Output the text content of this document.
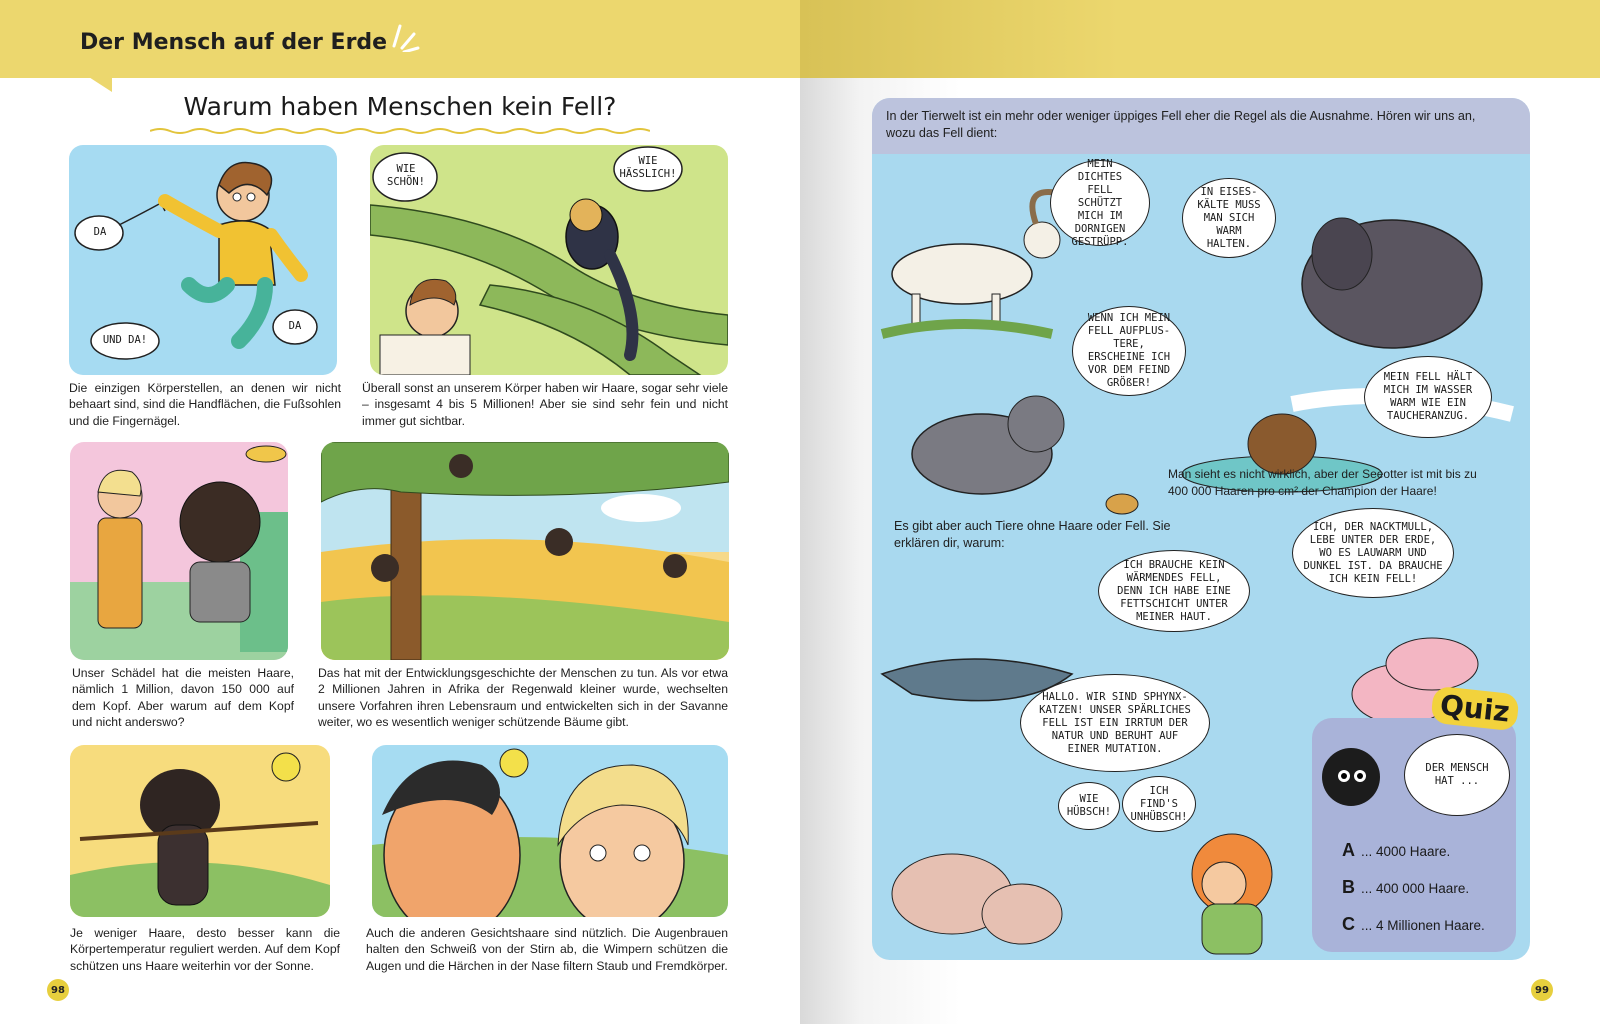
Der Mensch auf der Erde
Warum haben Menschen kein Fell?
DA
UND DA!
DA
Die einzigen Körperstellen, an denen wir nicht behaart sind, sind die Handflächen, die Fußsohlen und die Fingernägel.
WIE SCHÖN!
WIE HÄSSLICH!
Überall sonst an unserem Körper haben wir Haare, sogar sehr viele – insgesamt 4 bis 5 Millionen! Aber sie sind sehr fein und nicht immer gut sichtbar.
Unser Schädel hat die meisten Haare, nämlich 1 Million, davon 150 000 auf dem Kopf. Aber warum auf dem Kopf und nicht anderswo?
Das hat mit der Entwicklungsgeschichte der Menschen zu tun. Als vor etwa 2 Millionen Jahren in Afrika der Regenwald kleiner wurde, wechselten unsere Vorfahren ihren Lebensraum und entwickelten sich in der Savanne weiter, wo es wesentlich weniger schützende Bäume gibt.
Je weniger Haare, desto besser kann die Körpertemperatur reguliert werden. Auf dem Kopf schützen uns Haare weiterhin vor der Sonne.
Auch die anderen Gesichtshaare sind nützlich. Die Augenbrauen halten den Schweiß von der Stirn ab, die Wimpern schützen die Augen und die Härchen in der Nase filtern Staub und Fremdkörper.
98
In der Tierwelt ist ein mehr oder weniger üppiges Fell eher die Regel als die Ausnahme. Hören wir uns an, wozu das Fell dient:
MEIN DICHTES FELL SCHÜTZT MICH IM DORNIGEN GESTRÜPP.
IN EISES-KÄLTE MUSS MAN SICH WARM HALTEN.
WENN ICH MEIN FELL AUFPLUS-TERE, ERSCHEINE ICH VOR DEM FEIND GRÖßER!	MEIN FELL HÄLT MICH IM WASSER WARM WIE EIN TAUCHERANZUG.
Man sieht es nicht wirklich, aber der Seeotter ist mit bis zu 400 000 Haaren pro cm² der Champion der Haare!
Es gibt aber auch Tiere ohne Haare oder Fell. Sie erklären dir, warum:
ICH, DER NACKTMULL, LEBE UNTER DER ERDE, WO ES LAUWARM UND DUNKEL IST. DA BRAUCHE ICH KEIN FELL!
ICH BRAUCHE KEIN WÄRMENDES FELL, DENN ICH HABE EINE FETTSCHICHT UNTER MEINER HAUT.
HALLO. WIR SIND SPHYNX-KATZEN! UNSER SPÄRLICHES FELL IST EIN IRRTUM DER NATUR UND BERUHT AUF EINER MUTATION.
WIE HÜBSCH!
ICH FIND'S UNHÜBSCH!
Quiz
DER MENSCH HAT ...
A ... 4000 Haare.
B ... 400 000 Haare.
C ... 4 Millionen Haare.
99
